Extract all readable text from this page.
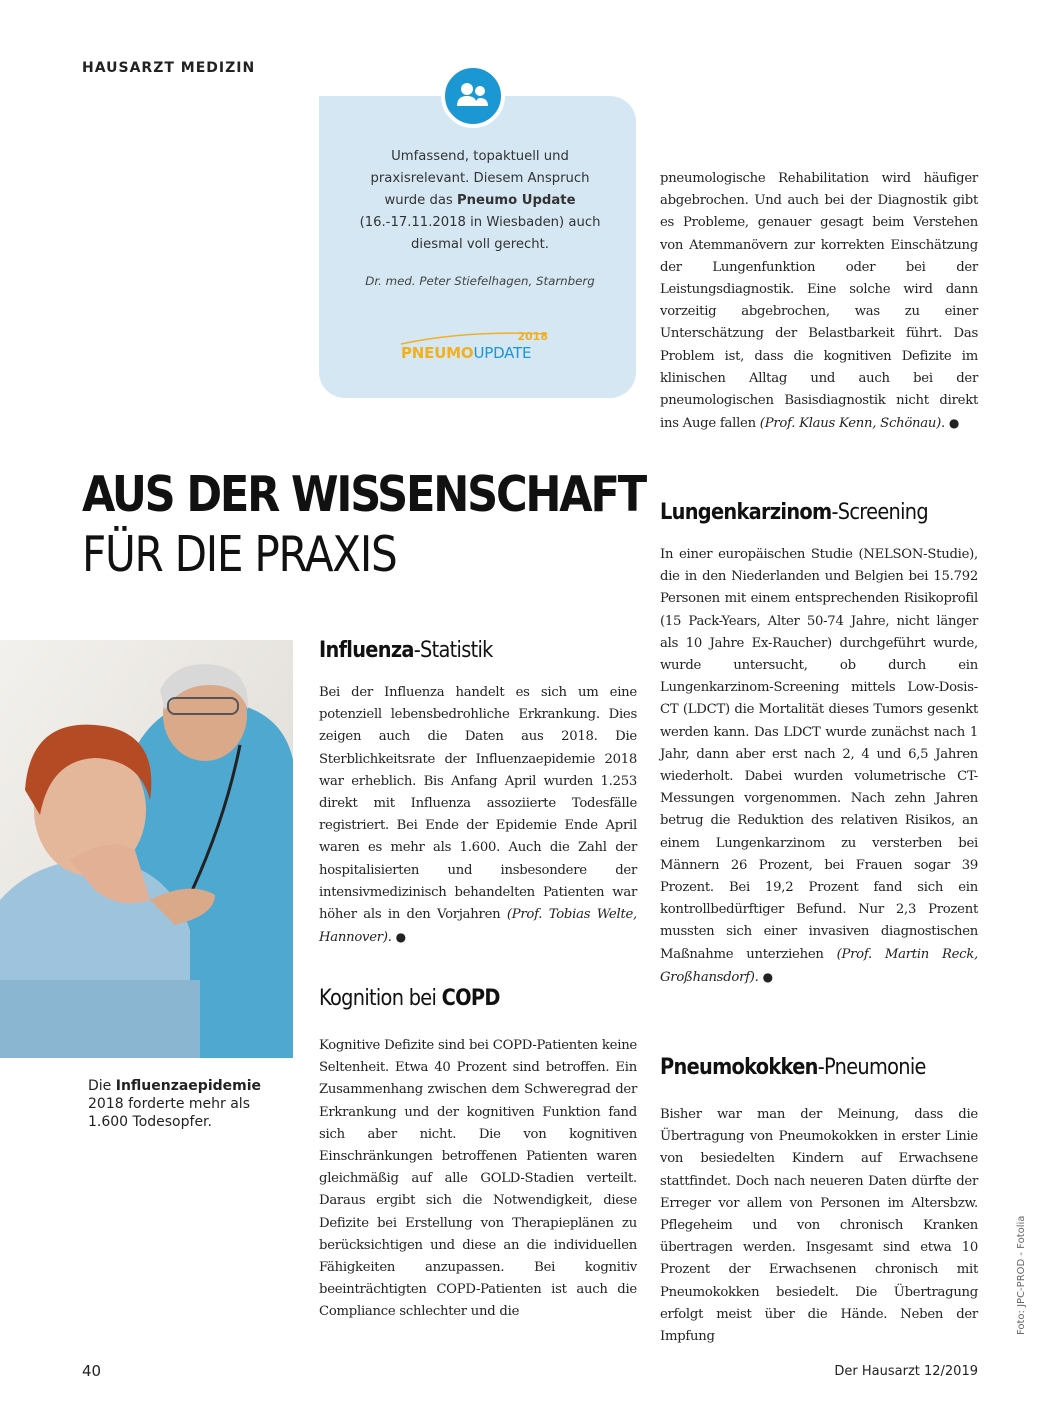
HAUSARZT MEDIZIN
Umfassend, topaktuell und praxisrelevant. Diesem Anspruch wurde das Pneumo Update (16.-17.11.2018 in Wiesbaden) auch diesmal voll gerecht.
Dr. med. Peter Stiefelhagen, Starnberg
2018
PNEUMOUPDATE
AUS DER WISSENSCHAFT
FÜR DIE PRAXIS
Die Influenzaepidemie 2018 forderte mehr als 1.600 Todesopfer.
Influenza-Statistik
Bei der Influenza handelt es sich um eine potenziell lebensbedrohliche Erkrankung. Dies zeigen auch die Daten aus 2018. Die Sterblichkeitsrate der Influenzaepidemie 2018 war erheblich. Bis Anfang April wurden 1.253 direkt mit Influenza assoziierte Todesfälle registriert. Bei Ende der Epidemie Ende April waren es mehr als 1.600. Auch die Zahl der hospitalisierten und insbesondere der intensivmedizinisch behandelten Patienten war höher als in den Vorjahren (Prof. Tobias Welte, Hannover). ●
Kognition bei COPD
Kognitive Defizite sind bei COPD-Patienten keine Seltenheit. Etwa 40 Prozent sind betroffen. Ein Zusammenhang zwischen dem Schweregrad der Erkrankung und der kognitiven Funktion fand sich aber nicht. Die von kognitiven Einschränkungen betroffenen Patienten waren gleichmäßig auf alle GOLD-Stadien verteilt. Daraus ergibt sich die Notwendigkeit, diese Defizite bei Erstellung von Therapieplänen zu berücksichtigen und diese an die individuellen Fähigkeiten anzupassen. Bei kognitiv beeinträchtigten COPD-Patienten ist auch die Compliance schlechter und die
pneumologische Rehabilitation wird häufiger abgebrochen. Und auch bei der Diagnostik gibt es Probleme, genauer gesagt beim Verstehen von Atemmanövern zur korrekten Einschätzung der Lungenfunktion oder bei der Leistungsdiagnostik. Eine solche wird dann vorzeitig abgebrochen, was zu einer Unterschätzung der Belastbarkeit führt. Das Problem ist, dass die kognitiven Defizite im klinischen Alltag und auch bei der pneumologischen Basisdiagnostik nicht direkt ins Auge fallen (Prof. Klaus Kenn, Schönau). ●
Lungenkarzinom-Screening
In einer europäischen Studie (NELSON-Studie), die in den Niederlanden und Belgien bei 15.792 Personen mit einem entsprechenden Risikoprofil (15 Pack-Years, Alter 50-74 Jahre, nicht länger als 10 Jahre Ex-Raucher) durchgeführt wurde, wurde untersucht, ob durch ein Lungenkarzinom-Screening mittels Low-Dosis-CT (LDCT) die Mortalität dieses Tumors gesenkt werden kann. Das LDCT wurde zunächst nach 1 Jahr, dann aber erst nach 2, 4 und 6,5 Jahren wiederholt. Dabei wurden volumetrische CT-Messungen vorgenommen. Nach zehn Jahren betrug die Reduktion des relativen Risikos, an einem Lungenkarzinom zu versterben bei Männern 26 Prozent, bei Frauen sogar 39 Prozent. Bei 19,2 Prozent fand sich ein kontrollbedürftiger Befund. Nur 2,3 Prozent mussten sich einer invasiven diagnostischen Maßnahme unterziehen (Prof. Martin Reck, Großhansdorf). ●
Pneumokokken-Pneumonie
Bisher war man der Meinung, dass die Übertragung von Pneumokokken in erster Linie von besiedelten Kindern auf Erwachsene stattfindet. Doch nach neueren Daten dürfte der Erreger vor allem von Personen im Altersbzw. Pflegeheim und von chronisch Kranken übertragen werden. Insgesamt sind etwa 10 Prozent der Erwachsenen chronisch mit Pneumokokken besiedelt. Die Übertragung erfolgt meist über die Hände. Neben der Impfung
Foto: JPC-PROD - Fotolia
40	Der Hausarzt 12/2019
